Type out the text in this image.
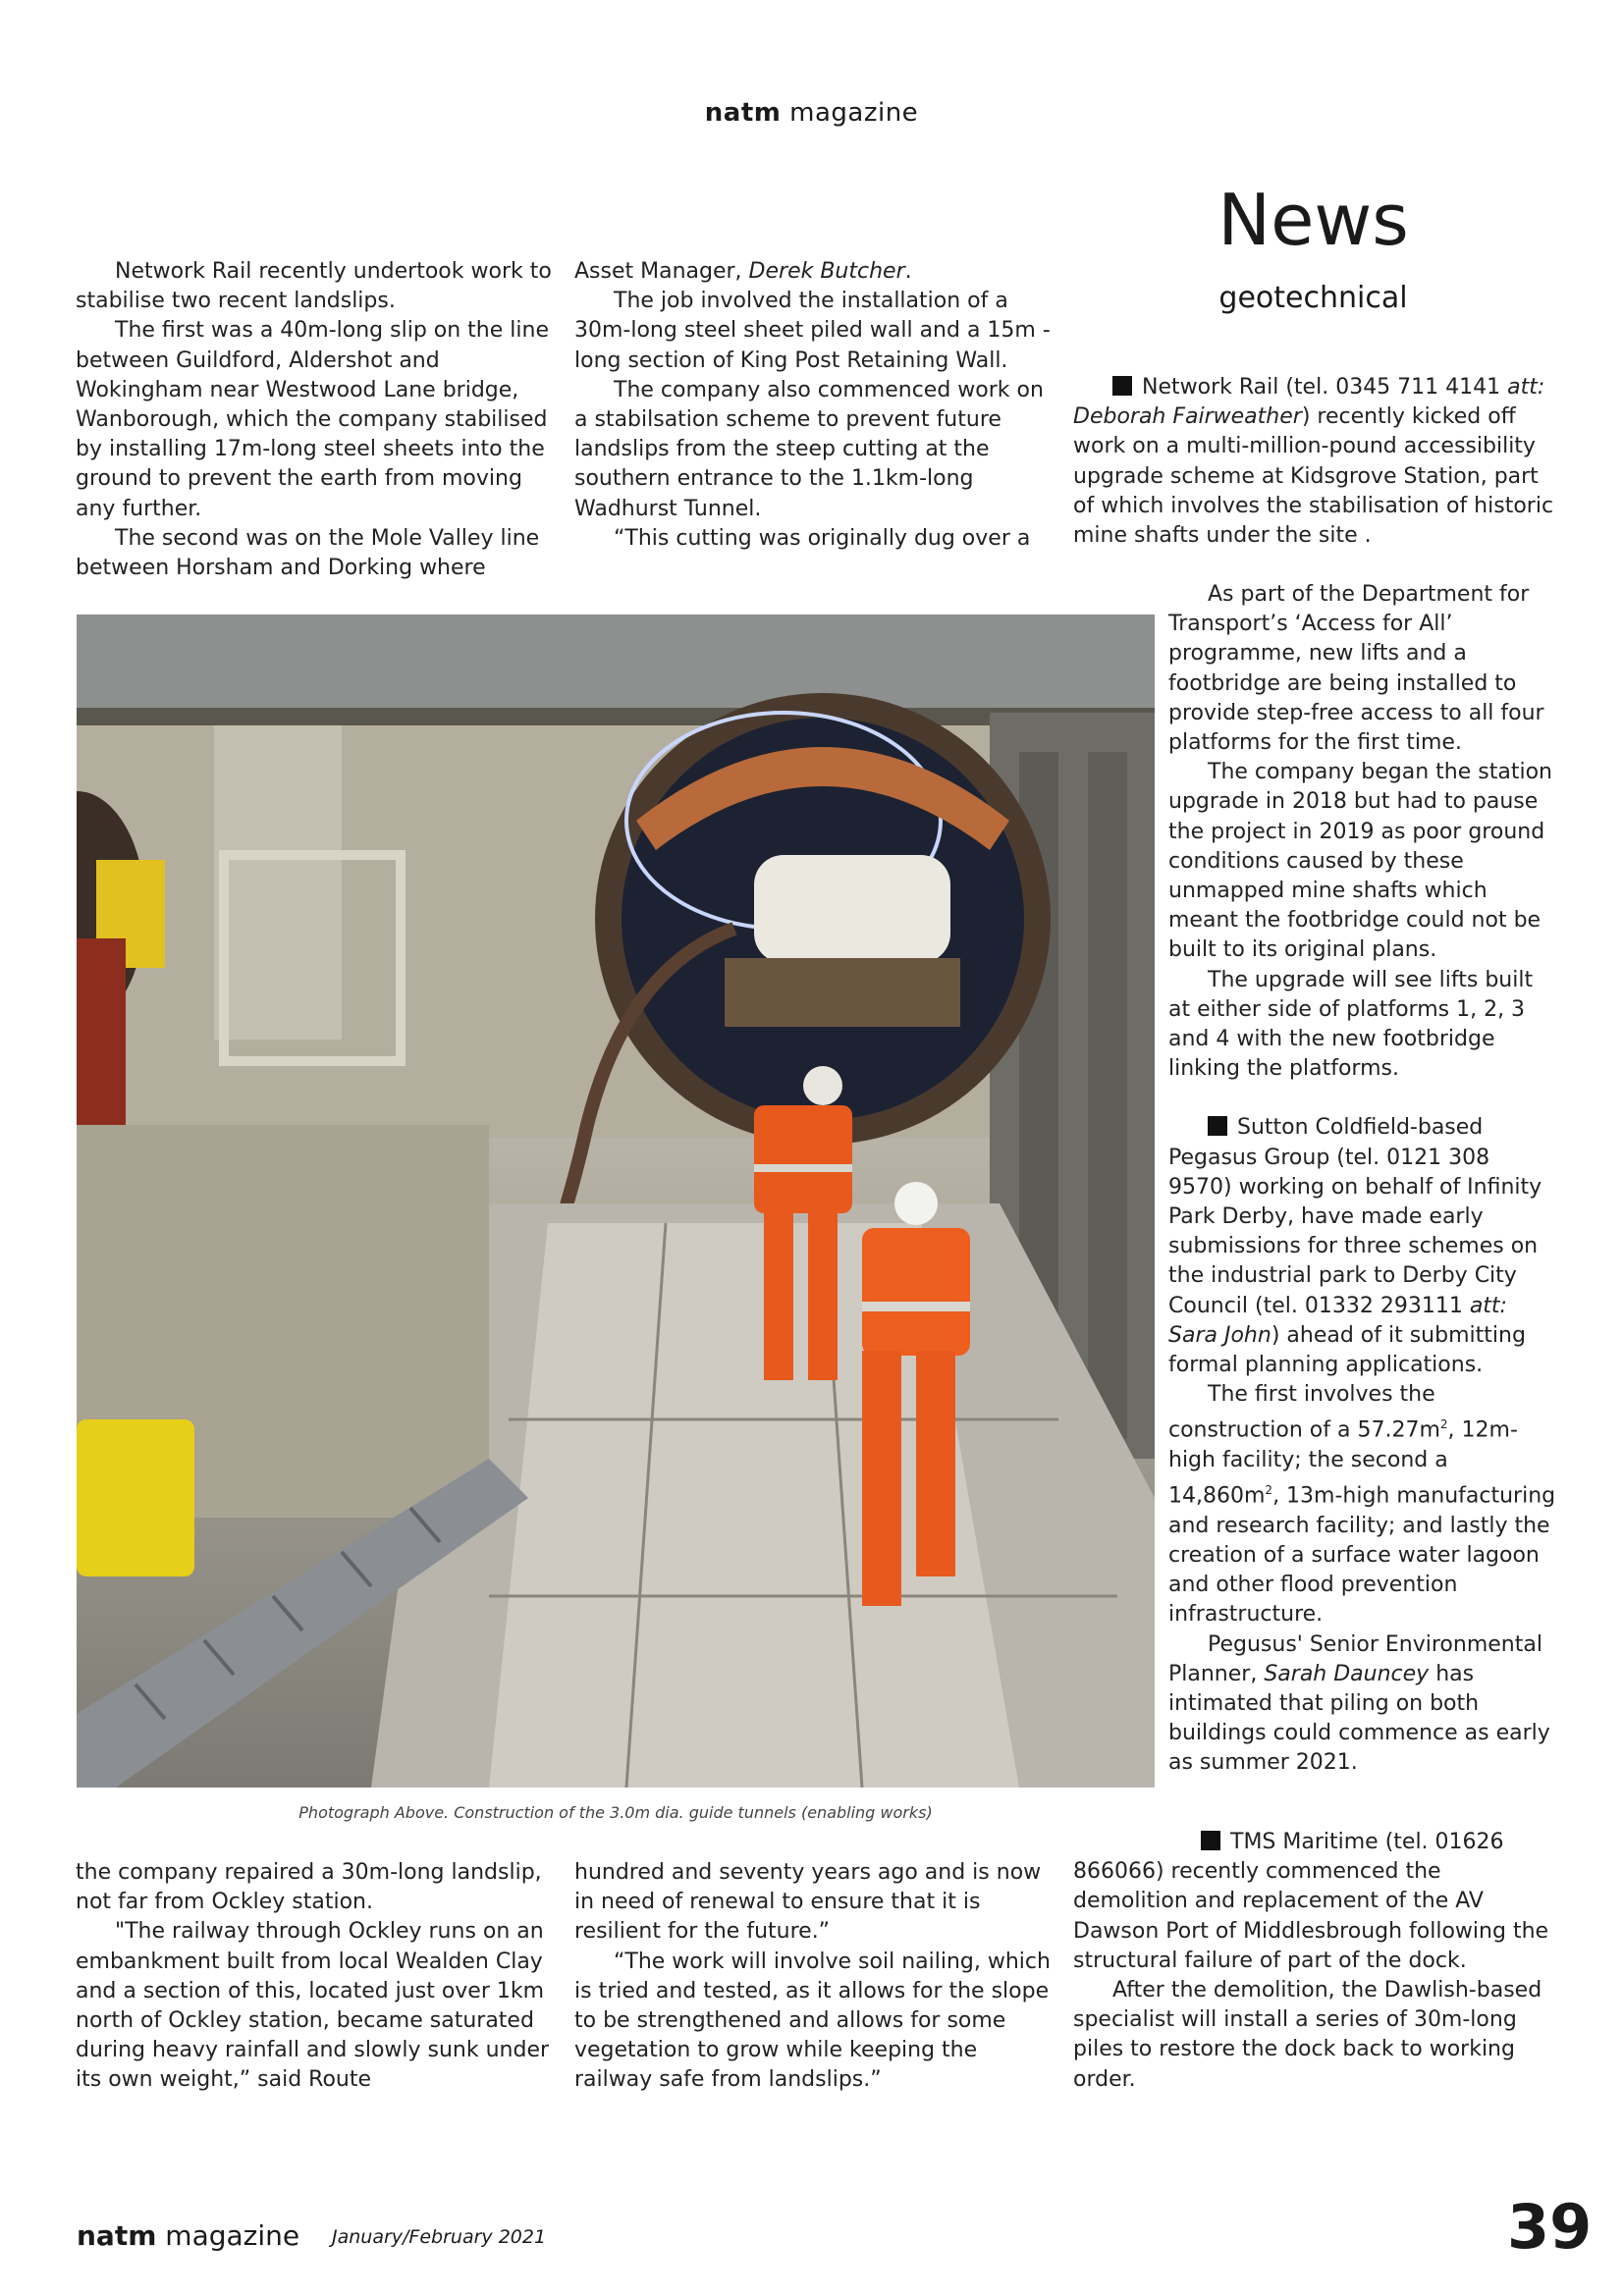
natm magazine
News
geotechnical

Network Rail recently undertook work to stabilise two recent landslips.

The first was a 40m-long slip on the line between Guildford, Aldershot and Wokingham near Westwood Lane bridge, Wanborough, which the company stabilised by installing 17m-long steel sheets into the ground to prevent the earth from moving any further.

The second was on the Mole Valley line between Horsham and Dorking where

Asset Manager, Derek Butcher.

The job involved the installation of a 30m-long steel sheet piled wall and a 15m -long section of King Post Retaining Wall.

The company also commenced work on a stabilsation scheme to prevent future landslips from the steep cutting at the southern entrance to the 1.1km-long Wadhurst Tunnel.

“This cutting was originally dug over a

Network Rail (tel. 0345 711 4141 att: Deborah Fairweather) recently kicked off work on a multi-million-pound accessibility upgrade scheme at Kidsgrove Station, part of which involves the stabilisation of historic mine shafts under the site .

As part of the Department for Transport’s ‘Access for All’ programme, new lifts and a footbridge are being installed to provide step-free access to all four platforms for the first time.

The company began the station upgrade in 2018 but had to pause the project in 2019 as poor ground conditions caused by these unmapped mine shafts which meant the footbridge could not be built to its original plans.

The upgrade will see lifts built at either side of platforms 1, 2, 3 and 4 with the new footbridge linking the platforms.

Sutton Coldfield-based Pegasus Group (tel. 0121 308 9570) working on behalf of Infinity Park Derby, have made early submissions for three schemes on the industrial park to Derby City Council (tel. 01332 293111 att: Sara John) ahead of it submitting formal planning applications.

The first involves the construction of a $57.27m^2$, 12m-high facility; the second a $14,860m^2$, 13m-high manufacturing and research facility; and lastly the creation of a surface water lagoon and other flood prevention infrastructure.

Pegusus' Senior Environmental Planner, Sarah Dauncey has intimated that piling on both buildings could commence as early as summer 2021.

TMS Maritime (tel. 01626 866066) recently commenced the demolition and replacement of the AV Dawson Port of Middlesbrough following the structural failure of part of the dock.

After the demolition, the Dawlish-based specialist will install a series of 30m-long piles to restore the dock back to working order.

Photograph Above. Construction of the 3.0m dia. guide tunnels (enabling works)

the company repaired a 30m-long landslip, not far from Ockley station.

"The railway through Ockley runs on an embankment built from local Wealden Clay and a section of this, located just over 1km north of Ockley station, became saturated during heavy rainfall and slowly sunk under its own weight,” said Route

hundred and seventy years ago and is now in need of renewal to ensure that it is resilient for the future.”

“The work will involve soil nailing, which is tried and tested, as it allows for the slope to be strengthened and allows for some vegetation to grow while keeping the railway safe from landslips.”

natm magazine January/February 2021	39
